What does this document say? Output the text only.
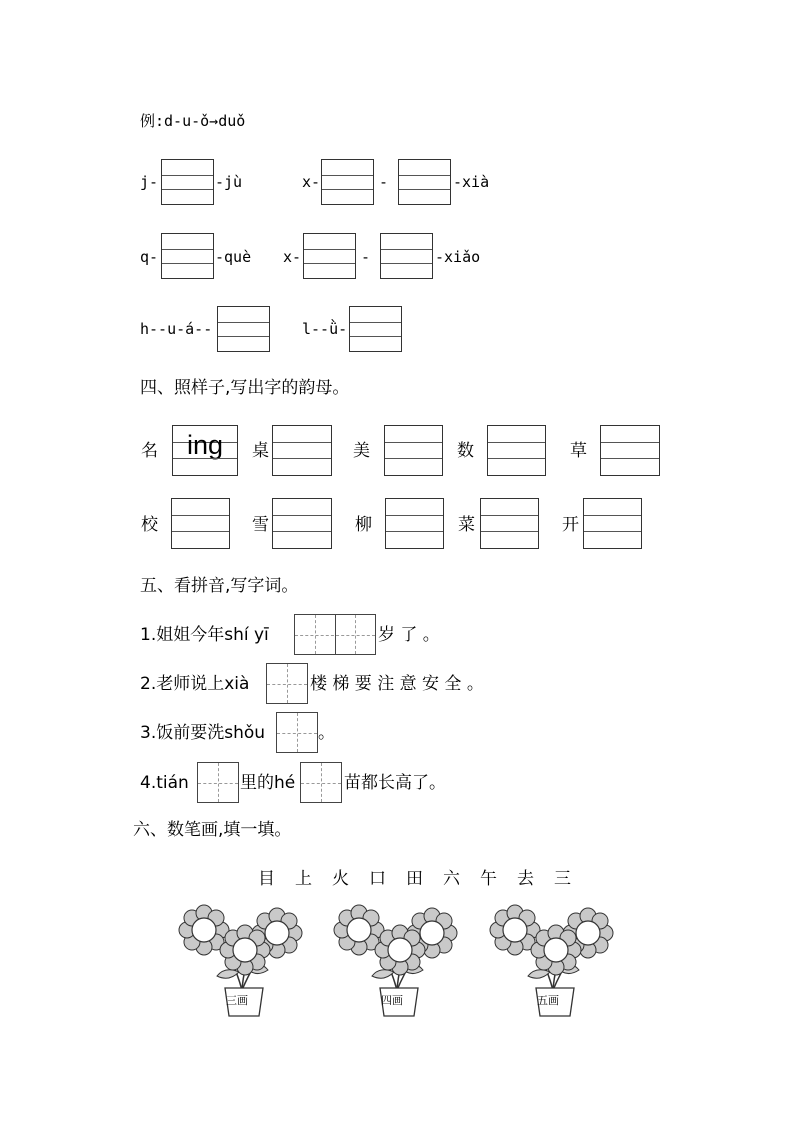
例:d-u-ǒ→duǒ
j-	-jù	x-	-	-xià
q-	-què x-	-	-xiǎo
h--u-á--	l--ǜ-
四、照样子,写出字的韵母。
名	ing	桌	美	数	草
校	雪	柳	菜	开
五、看拼音,写字词。
1.姐姐今年shí yī	岁 了 。
2.老师说上xià	楼 梯 要 注 意 安 全 。
3.饭前要洗shǒu	。
4.tián	里的hé	苗都长高了。
六、数笔画,填一填。
目 上 火 口 田 六 午 去 三
三画	四画	五画
